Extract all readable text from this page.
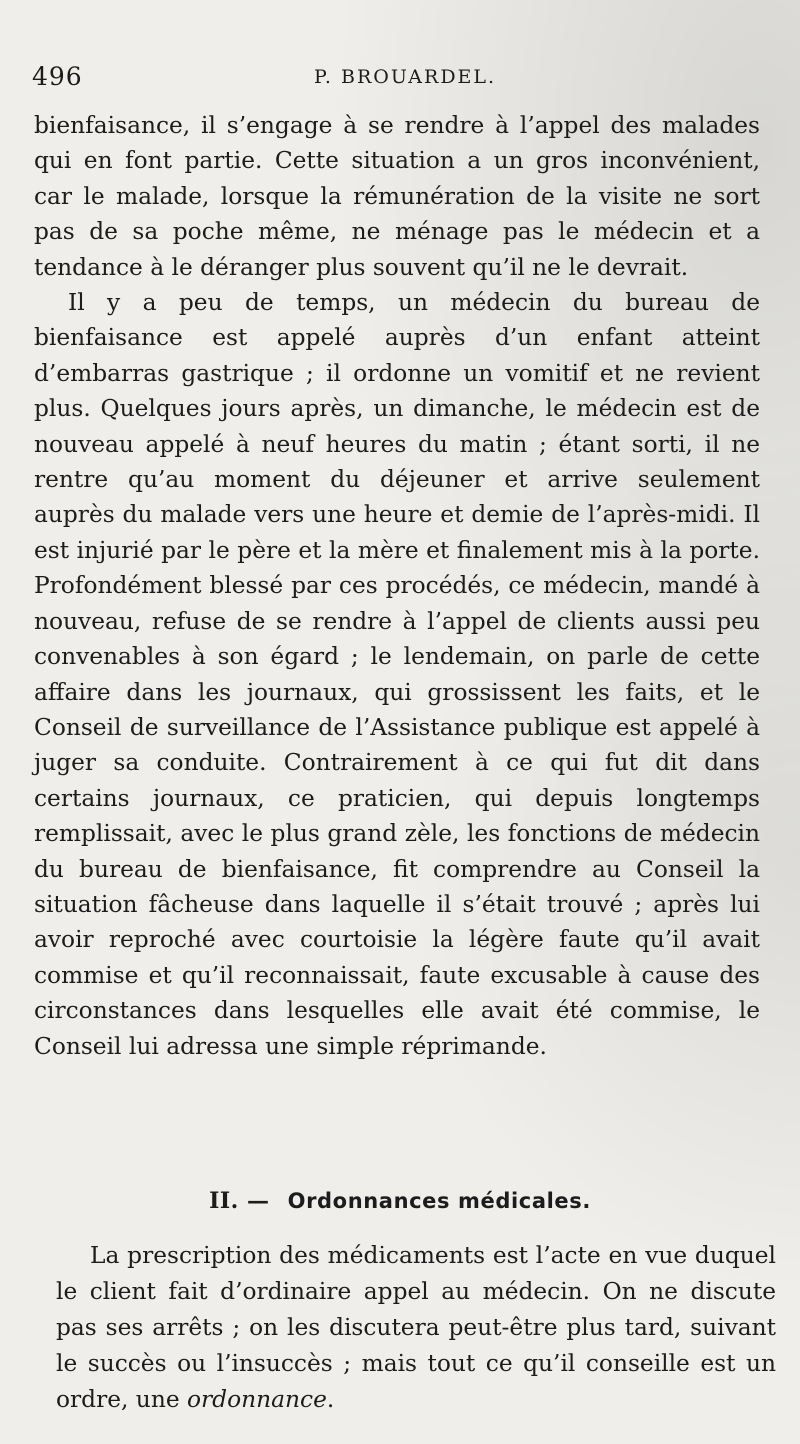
496	P. BROUARDEL.

bienfaisance, il s’engage à se rendre à l’appel des malades qui en font partie. Cette situation a un gros inconvénient, car le malade, lorsque la rémunération de la visite ne sort pas de sa poche même, ne ménage pas le médecin et a tendance à le déranger plus souvent qu’il ne le devrait.

Il y a peu de temps, un médecin du bureau de bienfaisance est appelé auprès d’un enfant atteint d’embarras gastrique ; il ordonne un vomitif et ne revient plus. Quelques jours après, un dimanche, le médecin est de nouveau appelé à neuf heures du matin ; étant sorti, il ne rentre qu’au moment du déjeuner et arrive seulement auprès du malade vers une heure et demie de l’après-midi. Il est injurié par le père et la mère et finalement mis à la porte. Profondément blessé par ces procédés, ce médecin, mandé à nouveau, refuse de se rendre à l’appel de clients aussi peu convenables à son égard ; le lendemain, on parle de cette affaire dans les journaux, qui grossissent les faits, et le Conseil de surveillance de l’Assistance publique est appelé à juger sa conduite. Contrairement à ce qui fut dit dans certains journaux, ce praticien, qui depuis longtemps remplissait, avec le plus grand zèle, les fonctions de médecin du bureau de bienfaisance, fit comprendre au Conseil la situation fâcheuse dans laquelle il s’était trouvé ; après lui avoir reproché avec courtoisie la légère faute qu’il avait commise et qu’il reconnaissait, faute excusable à cause des circonstances dans lesquelles elle avait été commise, le Conseil lui adressa une simple réprimande.

II. — Ordonnances médicales.

La prescription des médicaments est l’acte en vue duquel le client fait d’ordinaire appel au médecin. On ne discute pas ses arrêts ; on les discutera peut-être plus tard, suivant le succès ou l’insuccès ; mais tout ce qu’il conseille est un ordre, une ordonnance.
